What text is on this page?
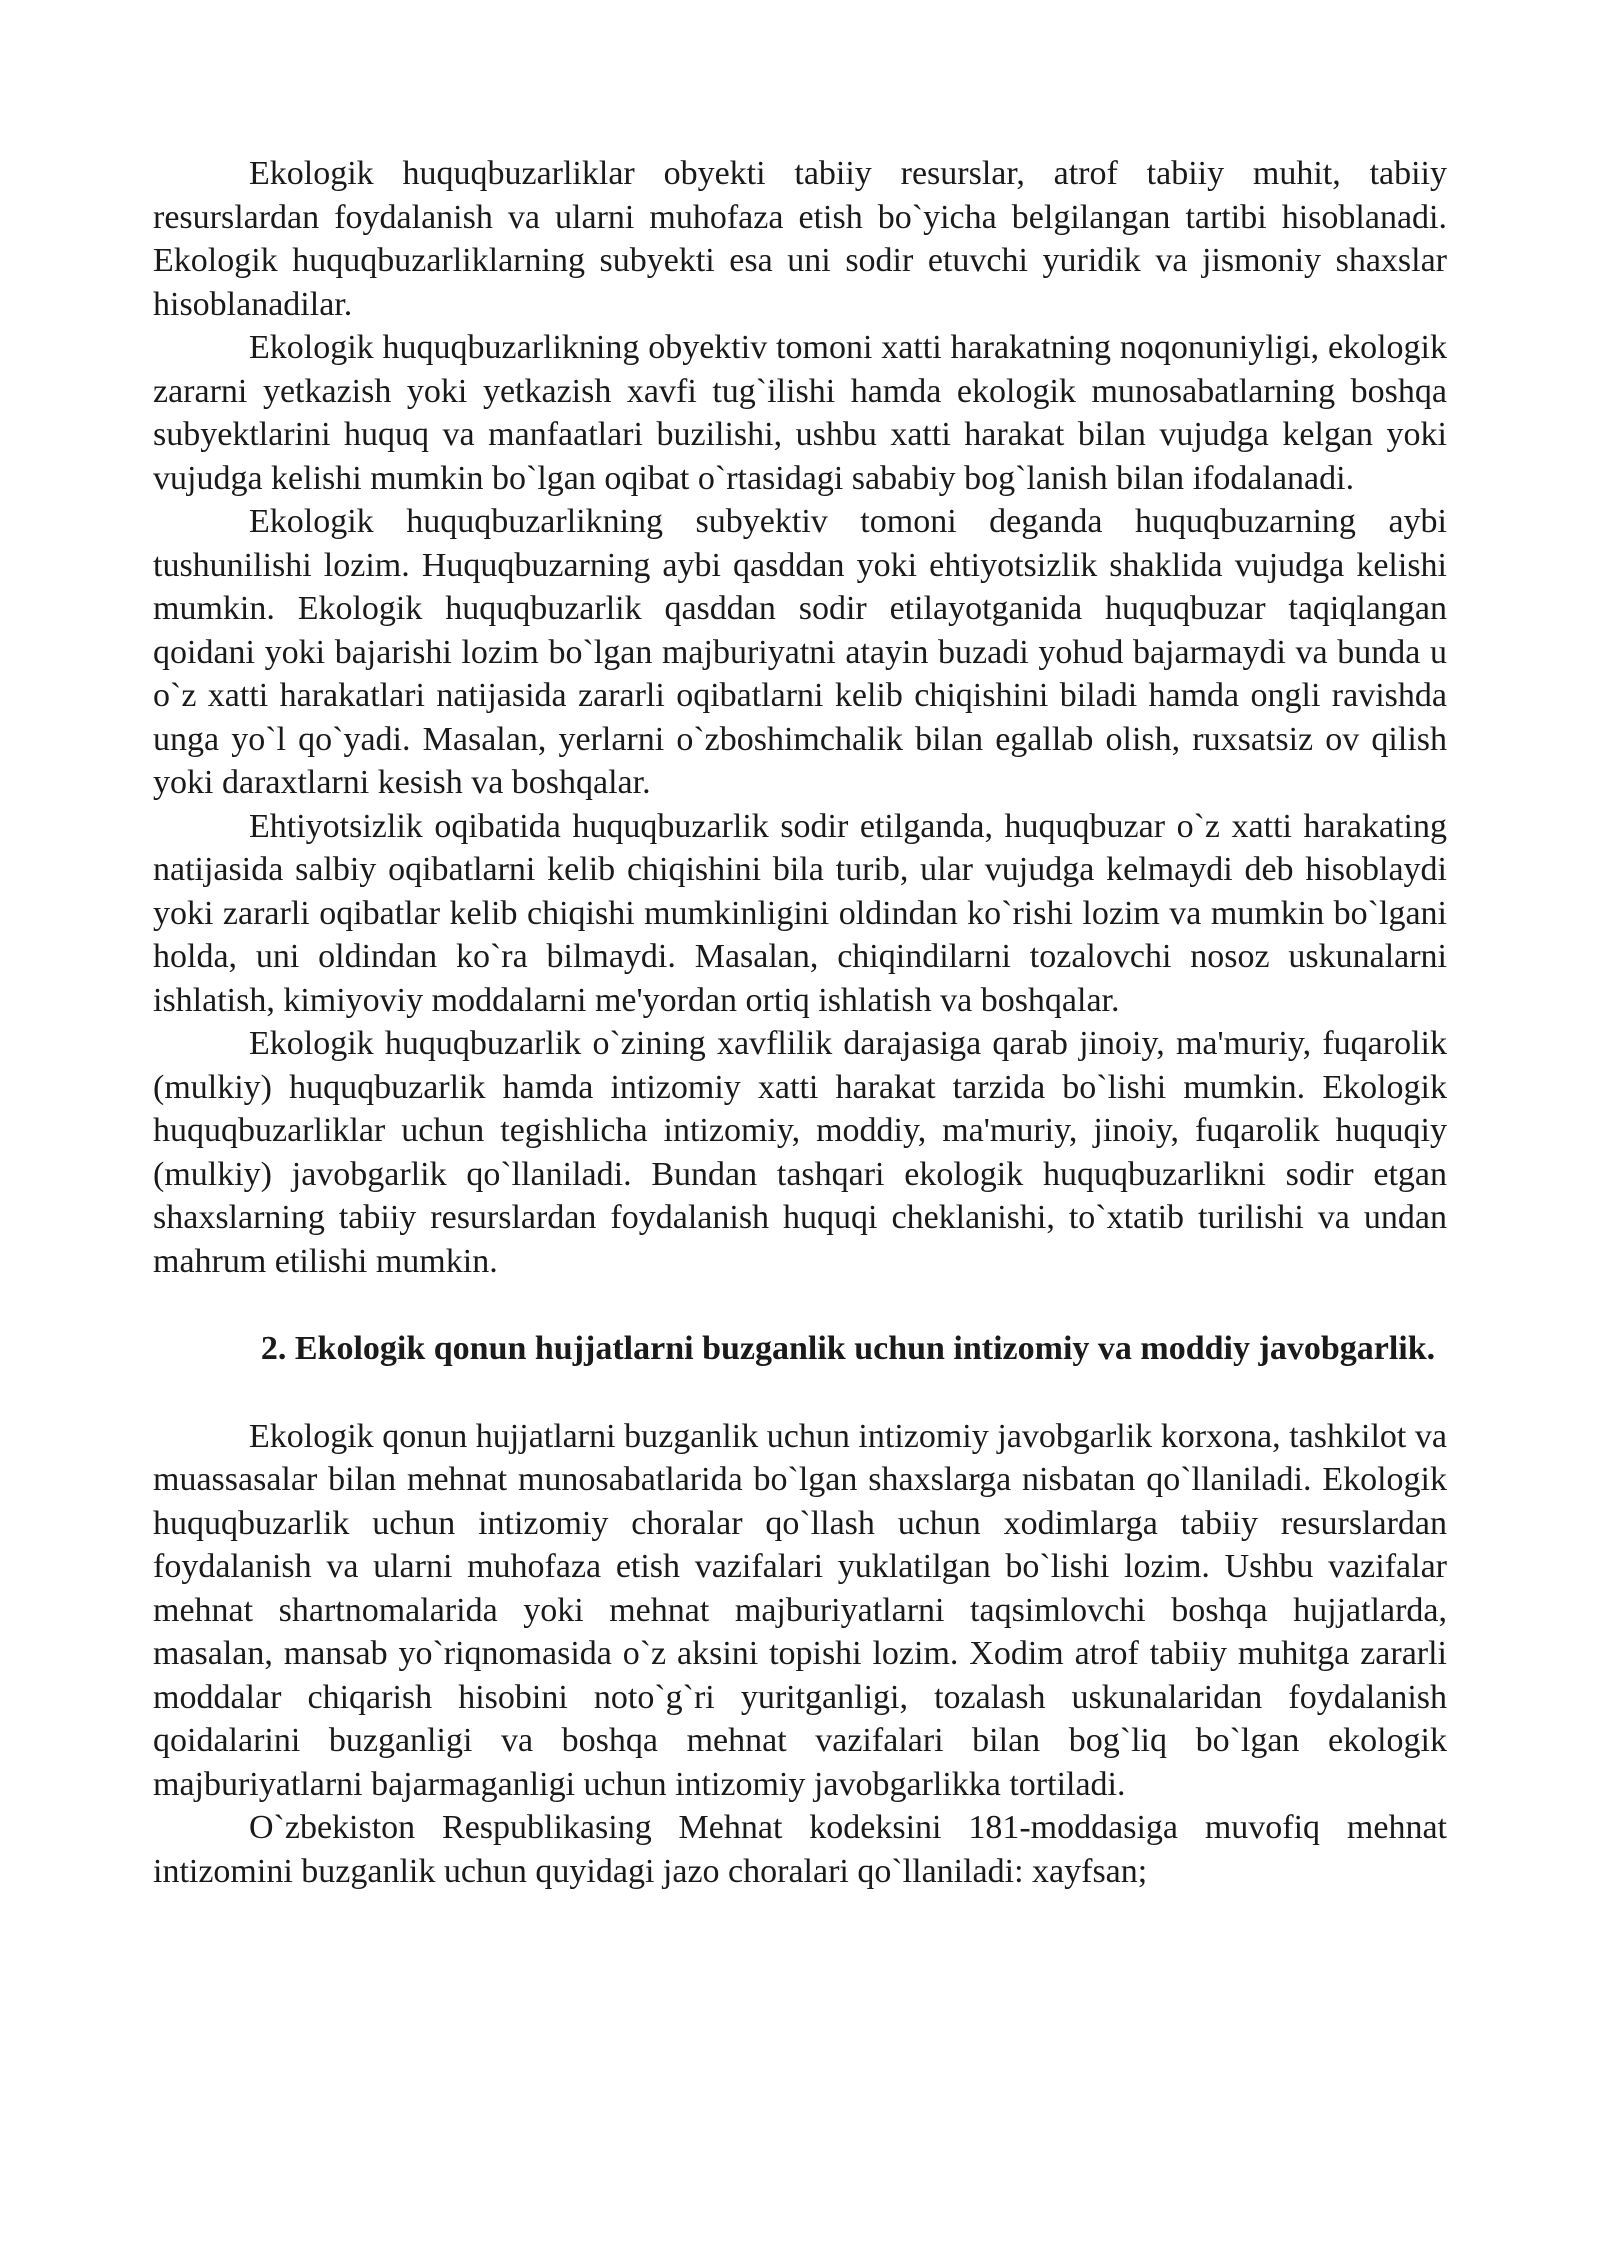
Ekologik huquqbuzarliklar obyekti tabiiy resurslar, atrof tabiiy muhit, tabiiy resurslardan foydalanish va ularni muhofaza etish bo`yicha belgilangan tartibi hisoblanadi. Ekologik huquqbuzarliklarning subyekti esa uni sodir etuvchi yuridik va jismoniy shaxslar hisoblanadilar.

Ekologik huquqbuzarlikning obyektiv tomoni xatti harakatning noqonuniyligi, ekologik zararni yetkazish yoki yetkazish xavfi tug`ilishi hamda ekologik munosabatlarning boshqa subyektlarini huquq va manfaatlari buzilishi, ushbu xatti harakat bilan vujudga kelgan yoki vujudga kelishi mumkin bo`lgan oqibat o`rtasidagi sababiy bog`lanish bilan ifodalanadi.

Ekologik huquqbuzarlikning subyektiv tomoni deganda huquqbuzarning aybi tushunilishi lozim. Huquqbuzarning aybi qasddan yoki ehtiyotsizlik shaklida vujudga kelishi mumkin. Ekologik huquqbuzarlik qasddan sodir etilayotganida huquqbuzar taqiqlangan qoidani yoki bajarishi lozim bo`lgan majburiyatni atayin buzadi yohud bajarmaydi va bunda u o`z xatti harakatlari natijasida zararli oqibatlarni kelib chiqishini biladi hamda ongli ravishda unga yo`l qo`yadi. Masalan, yerlarni o`zboshimchalik bilan egallab olish, ruxsatsiz ov qilish yoki daraxtlarni kesish va boshqalar.

Ehtiyotsizlik oqibatida huquqbuzarlik sodir etilganda, huquqbuzar o`z xatti harakating natijasida salbiy oqibatlarni kelib chiqishini bila turib, ular vujudga kelmaydi deb hisoblaydi yoki zararli oqibatlar kelib chiqishi mumkinligini oldindan ko`rishi lozim va mumkin bo`lgani holda, uni oldindan ko`ra bilmaydi. Masalan, chiqindilarni tozalovchi nosoz uskunalarni ishlatish, kimiyoviy moddalarni me'yordan ortiq ishlatish va boshqalar.

Ekologik huquqbuzarlik o`zining xavflilik darajasiga qarab jinoiy, ma'muriy, fuqarolik (mulkiy) huquqbuzarlik hamda intizomiy xatti harakat tarzida bo`lishi mumkin. Ekologik huquqbuzarliklar uchun tegishlicha intizomiy, moddiy, ma'muriy, jinoiy, fuqarolik huquqiy (mulkiy) javobgarlik qo`llaniladi. Bundan tashqari ekologik huquqbuzarlikni sodir etgan shaxslarning tabiiy resurslardan foydalanish huquqi cheklanishi, to`xtatib turilishi va undan mahrum etilishi mumkin.

2. Ekologik qonun hujjatlarni buzganlik uchun intizomiy va moddiy javobgarlik.

Ekologik qonun hujjatlarni buzganlik uchun intizomiy javobgarlik korxona, tashkilot va muassasalar bilan mehnat munosabatlarida bo`lgan shaxslarga nisbatan qo`llaniladi. Ekologik huquqbuzarlik uchun intizomiy choralar qo`llash uchun xodimlarga tabiiy resurslardan foydalanish va ularni muhofaza etish vazifalari yuklatilgan bo`lishi lozim. Ushbu vazifalar mehnat shartnomalarida yoki mehnat majburiyatlarni taqsimlovchi boshqa hujjatlarda, masalan, mansab yo`riqnomasida o`z aksini topishi lozim. Xodim atrof tabiiy muhitga zararli moddalar chiqarish hisobini noto`g`ri yuritganligi, tozalash uskunalaridan foydalanish qoidalarini buzganligi va boshqa mehnat vazifalari bilan bog`liq bo`lgan ekologik majburiyatlarni bajarmaganligi uchun intizomiy javobgarlikka tortiladi.

O`zbekiston Respublikasing Mehnat kodeksini 181-moddasiga muvofiq mehnat intizomini buzganlik uchun quyidagi jazo choralari qo`llaniladi: xayfsan;
